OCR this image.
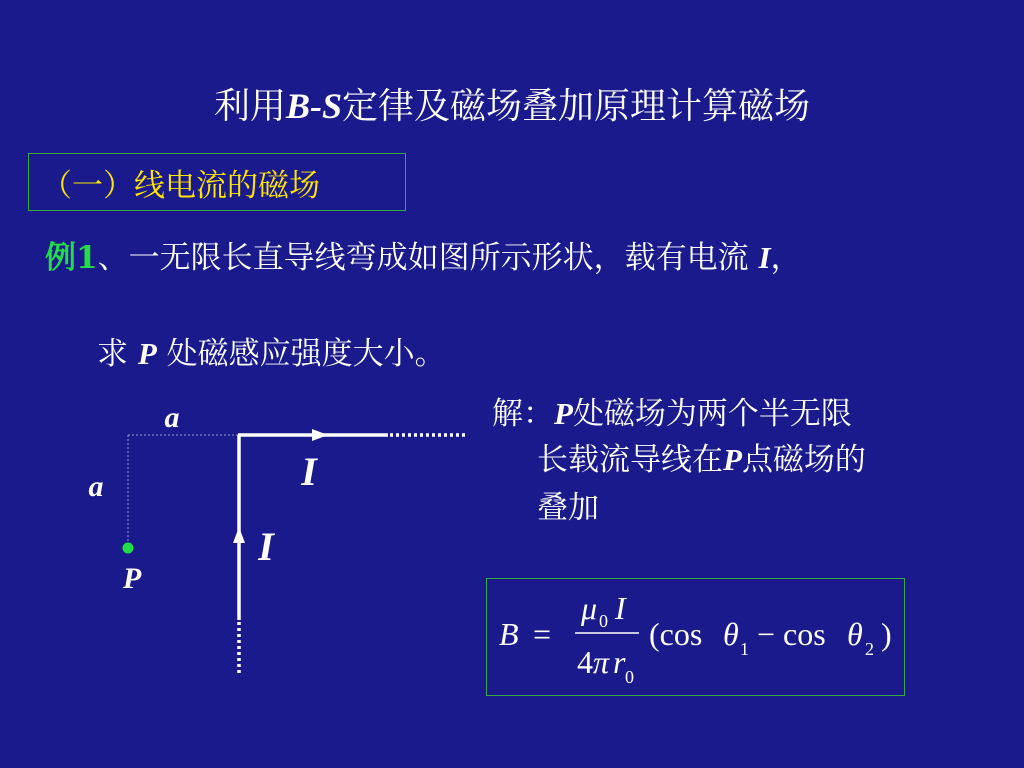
利用B-S定律及磁场叠加原理计算磁场
（一）线电流的磁场
例1、一无限长直导线弯成如图所示形状，载有电流 I，
求 P 处磁感应强度大小。
解：P处磁场为两个半无限
长载流导线在P点磁场的
叠加
a
a	I
I
P
B =
μ 0 I
4 π r 0
(cos θ 1 − cos θ 2 )
